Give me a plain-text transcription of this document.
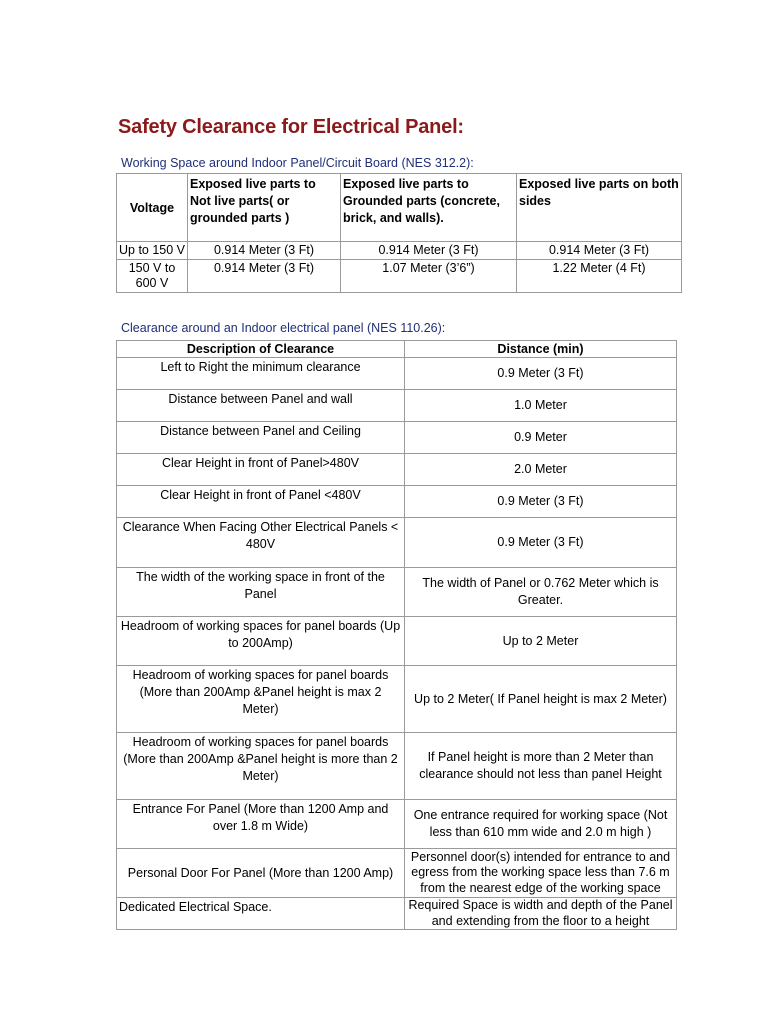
Safety Clearance for Electrical Panel:
Working Space around Indoor Panel/Circuit Board (NES 312.2):
Voltage	Exposed live parts to Not live parts( or grounded parts )	Exposed live parts to Grounded parts (concrete, brick, and walls).	Exposed live parts on both sides
Up to 150 V	0.914 Meter (3 Ft)	0.914 Meter (3 Ft)	0.914 Meter (3 Ft)
150 V to 600 V	0.914 Meter (3 Ft)	1.07 Meter (3’6”)	1.22 Meter (4 Ft)
Clearance around an Indoor electrical panel (NES 110.26):
Description of Clearance	Distance (min)
Left to Right the minimum clearance	0.9 Meter (3 Ft)
Distance between Panel and wall	1.0 Meter
Distance between Panel and Ceiling	0.9 Meter
Clear Height in front of Panel>480V	2.0 Meter
Clear Height in front of Panel <480V	0.9 Meter (3 Ft)
Clearance When Facing Other Electrical Panels < 480V	0.9 Meter (3 Ft)
The width of the working space in front of the Panel	The width of Panel or 0.762 Meter which is Greater.
Headroom of working spaces for panel boards (Up to 200Amp)	Up to 2 Meter
Headroom of working spaces for panel boards (More than 200Amp &Panel height is max 2 Meter)	Up to 2 Meter( If Panel height is max 2 Meter)
Headroom of working spaces for panel boards (More than 200Amp &Panel height is more than 2 Meter)	If Panel height is more than 2 Meter than clearance should not less than panel Height
Entrance For Panel (More than 1200 Amp and over 1.8 m Wide)	One entrance required for working space (Not less than 610 mm wide and 2.0 m high )
Personal Door For Panel (More than 1200 Amp)	Personnel door(s) intended for entrance to and egress from the working space less than 7.6 m from the nearest edge of the working space
Dedicated Electrical Space.	Required Space is width and depth of the Panel and extending from the floor to a height
